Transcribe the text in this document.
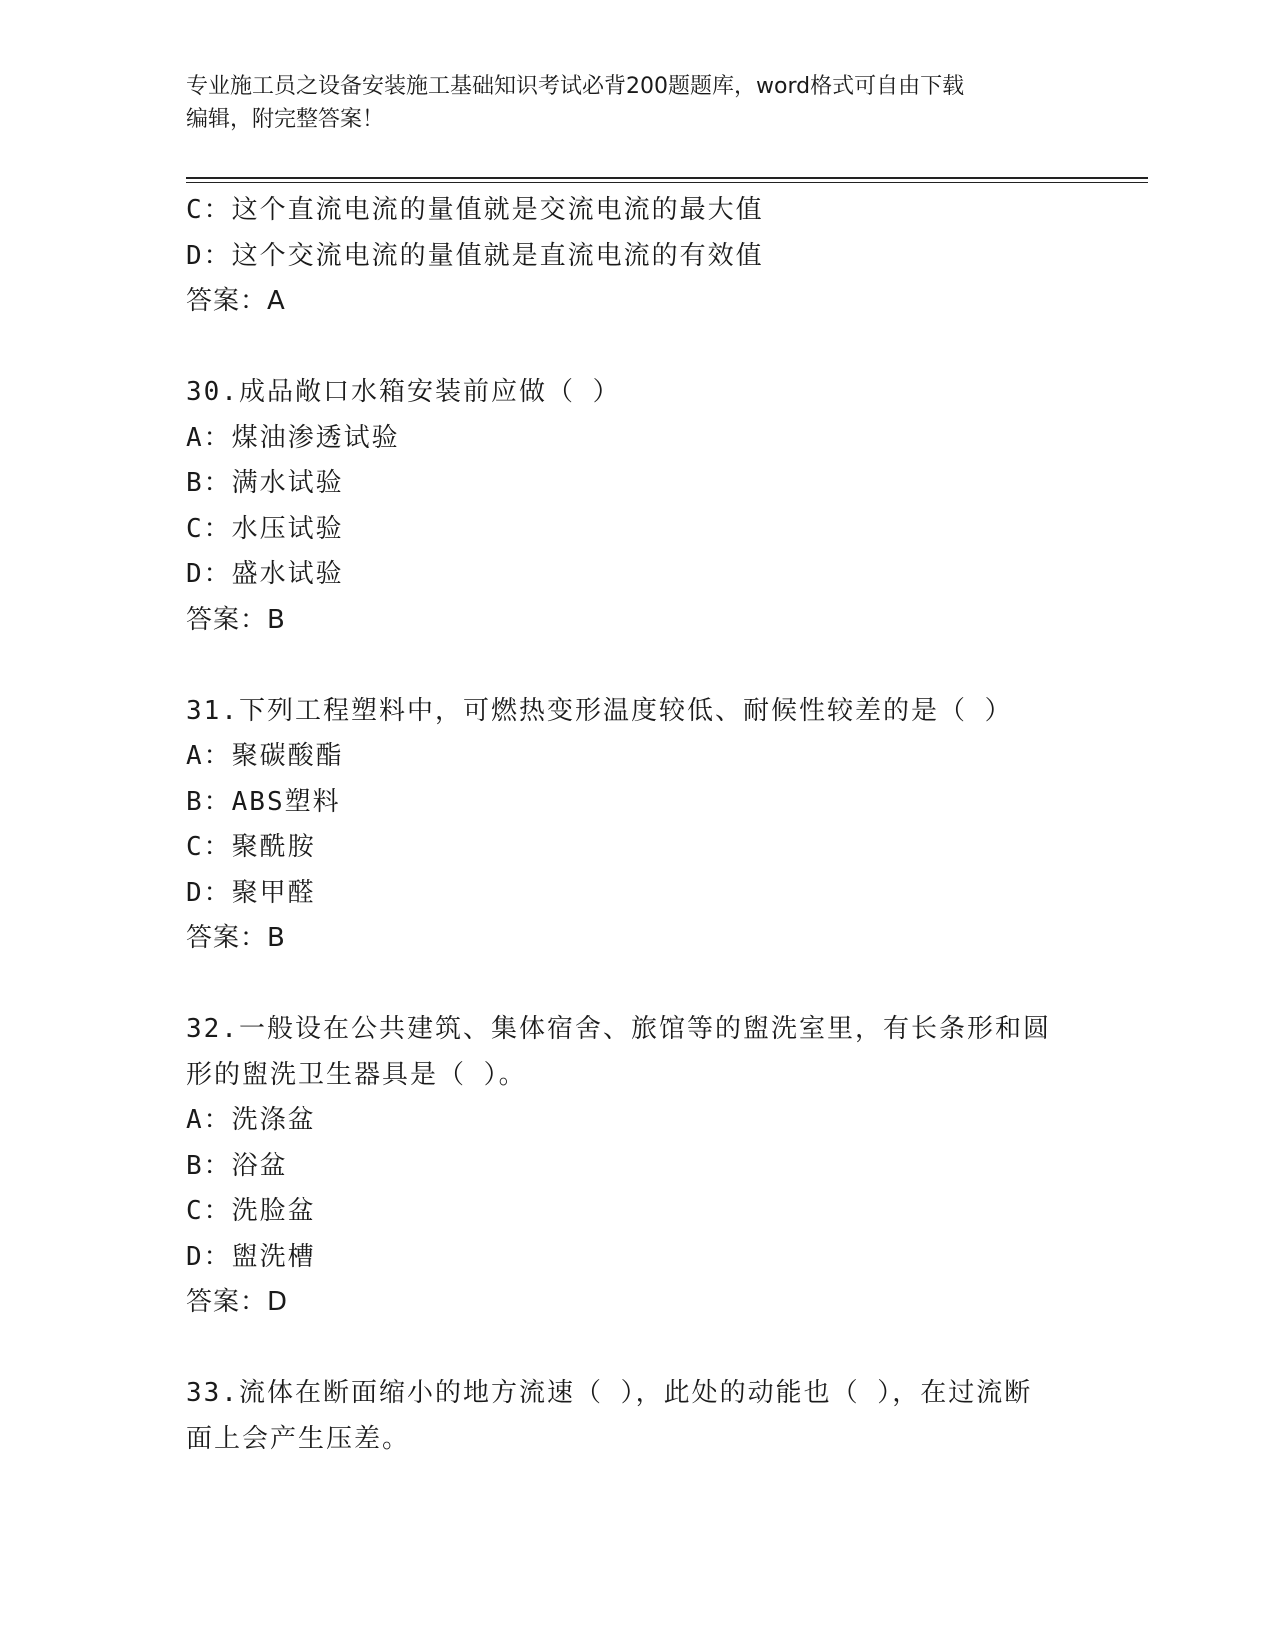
专业施工员之设备安装施工基础知识考试必背200题题库，word格式可自由下载
编辑，附完整答案！
C：这个直流电流的量值就是交流电流的最大值
D：这个交流电流的量值就是直流电流的有效值
答案：A
30.成品敞口水箱安装前应做（ ）
A：煤油渗透试验
B：满水试验
C：水压试验
D：盛水试验
答案：B
31.下列工程塑料中，可燃热变形温度较低、耐候性较差的是（ ）
A：聚碳酸酯
B：ABS塑料
C：聚酰胺
D：聚甲醛
答案：B
32.一般设在公共建筑、集体宿舍、旅馆等的盥洗室里，有长条形和圆
形的盥洗卫生器具是（ ）。
A：洗涤盆
B：浴盆
C：洗脸盆
D：盥洗槽
答案：D
33.流体在断面缩小的地方流速（ ），此处的动能也（ ），在过流断
面上会产生压差。
